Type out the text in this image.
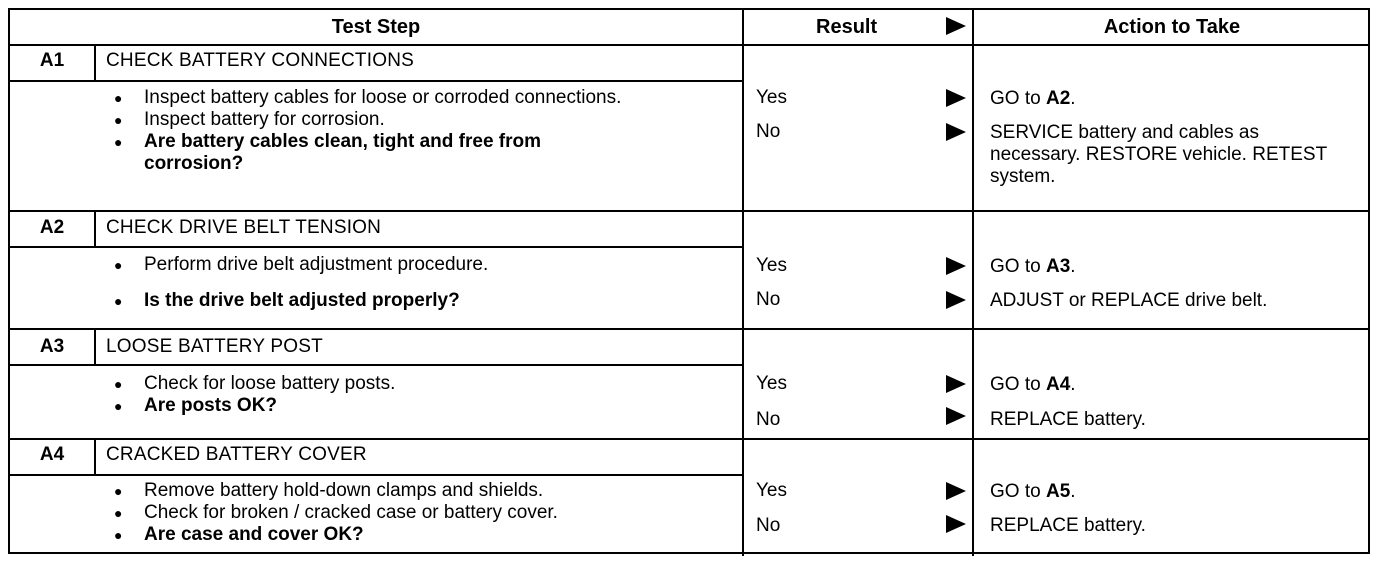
Test Step	Result	Action to Take
A1	CHECK BATTERY CONNECTIONS
● Inspect battery cables for loose or corroded connections.
● Inspect battery for corrosion.
● Are battery cables clean, tight and free from corrosion?
Yes	GO to A2.
No	SERVICE battery and cables as necessary. RESTORE vehicle. RETEST system.
A2	CHECK DRIVE BELT TENSION
● Perform drive belt adjustment procedure.
● Is the drive belt adjusted properly?
Yes	GO to A3.
No	ADJUST or REPLACE drive belt.
A3	LOOSE BATTERY POST
● Check for loose battery posts.
● Are posts OK?
Yes	GO to A4.
No	REPLACE battery.
A4	CRACKED BATTERY COVER
● Remove battery hold-down clamps and shields.
● Check for broken / cracked case or battery cover.
● Are case and cover OK?
Yes	GO to A5.
No	REPLACE battery.
